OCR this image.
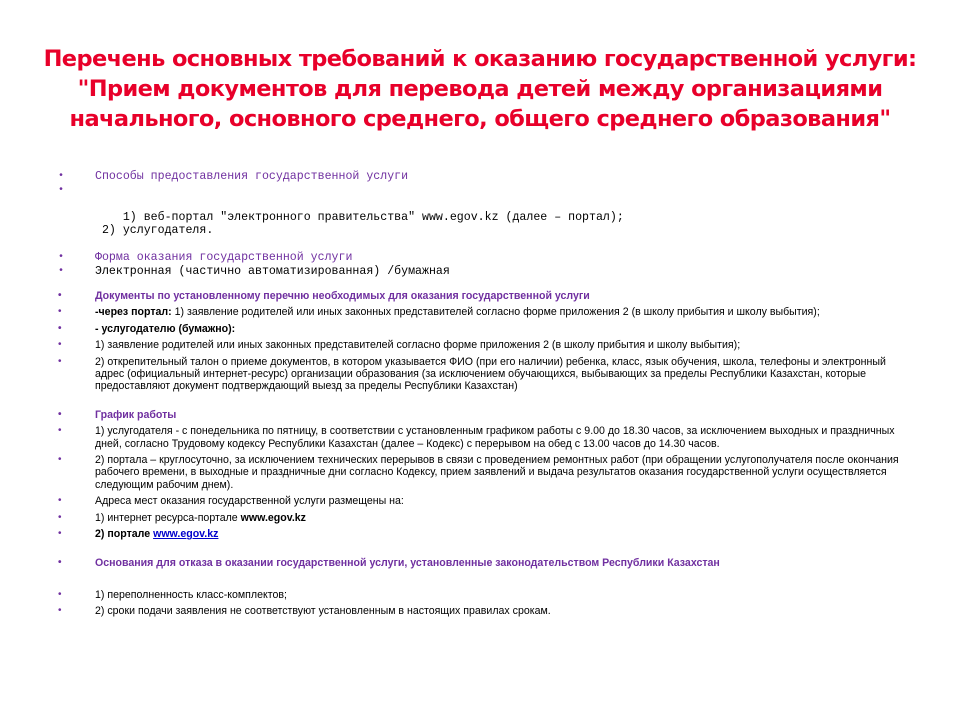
Перечень основных требований к оказанию государственной услуги:
"Прием документов для перевода детей между организациями
начального, основного среднего, общего среднего образования"
•	Способы предоставления государственной услуги

•

1) веб-портал "электронного правительства" www.egov.kz (далее – портал);
2) услугодателя.

•	Форма оказания государственной услуги
•	Электронная (частично автоматизированная) /бумажная
•	Документы по установленному перечню необходимых для оказания государственной услуги
•	-через портал: 1) заявление родителей или иных законных представителей согласно форме приложения 2 (в школу прибытия и школу выбытия);
•	- услугодателю (бумажно):
•	1) заявление родителей или иных законных представителей согласно форме приложения 2 (в школу прибытия и школу выбытия);
•	2) открепительный талон о приеме документов, в котором указывается ФИО (при его наличии) ребенка, класс, язык обучения, школа, телефоны и электронный адрес (официальный интернет-ресурс) организации образования (за исключением обучающихся, выбывающих за пределы Республики Казахстан, которые предоставляют документ подтверждающий выезд за пределы Республики Казахстан)
•	График работы
•	1) услугодателя - с понедельника по пятницу, в соответствии с установленным графиком работы с 9.00 до 18.30 часов, за исключением выходных и праздничных дней, согласно Трудовому кодексу Республики Казахстан (далее – Кодекс) с перерывом на обед с 13.00 часов до 14.30 часов.
•	2) портала – круглосуточно, за исключением технических перерывов в связи с проведением ремонтных работ (при обращении услугополучателя после окончания рабочего времени, в выходные и праздничные дни согласно Кодексу, прием заявлений и выдача результатов оказания государственной услуги осуществляется следующим рабочим днем).
•	Адреса мест оказания государственной услуги размещены на:
•	1) интернет ресурса-портале www.egov.kz
•	2) портале www.egov.kz
•	Основания для отказа в оказании государственной услуги, установленные законодательством Республики Казахстан
•	1) переполненность класс-комплектов;
•	2) сроки подачи заявления не соответствуют установленным в настоящих правилах срокам.
